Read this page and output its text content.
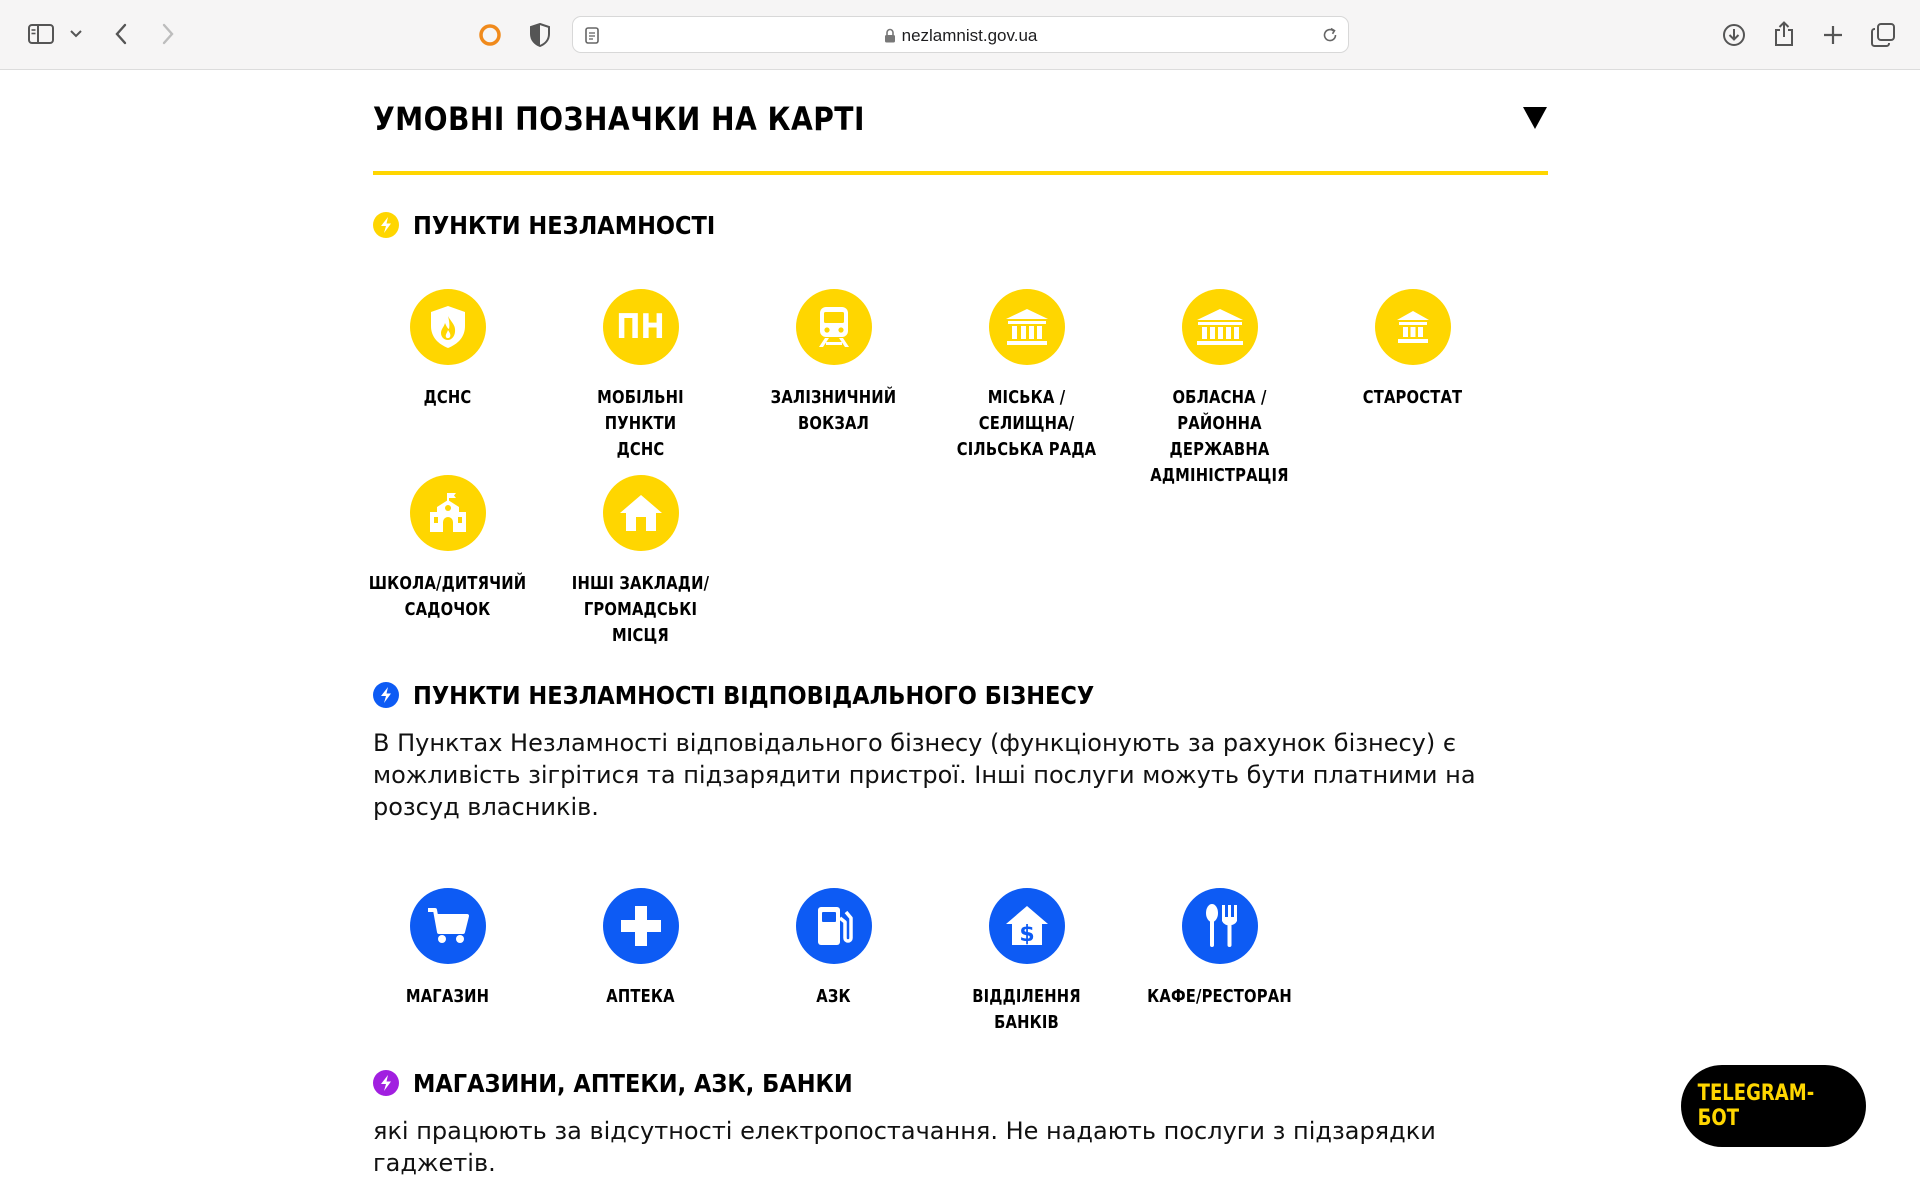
nezlamnist.gov.ua
УМОВНІ ПОЗНАЧКИ НА КАРТІ
ПУНКТИ НЕЗЛАМНОСТІ
ДСНС
ПН
МОБІЛЬНІ ПУНКТИ
ДСНС
ЗАЛІЗНИЧНИЙ
ВОКЗАЛ
МІСЬКА /СЕЛИЩНА/
СІЛЬСЬКА РАДА
ОБЛАСНА /РАЙОННА
ДЕРЖАВНА
АДМІНІСТРАЦІЯ
СТАРОСТАТ
ШКОЛА/ДИТЯЧИЙ
САДОЧОК
ІНШІ ЗАКЛАДИ/
ГРОМАДСЬКІ МІСЦЯ
ПУНКТИ НЕЗЛАМНОСТІ ВІДПОВІДАЛЬНОГО БІЗНЕСУ
В Пунктах Незламності відповідального бізнесу (функціонують за рахунок бізнесу) є можливість зігрітися та підзарядити пристрої. Інші послуги можуть бути платними на розсуд власників.
МАГАЗИН	АПТЕКА	АЗК
$
ВІДДІЛЕННЯ БАНКІВ
КАФЕ/РЕСТОРАН
МАГАЗИНИ, АПТЕКИ, АЗК, БАНКИ
які працюють за відсутності електропостачання. Не надають послуги з підзарядки гаджетів.
TELEGRAM-БОТ
